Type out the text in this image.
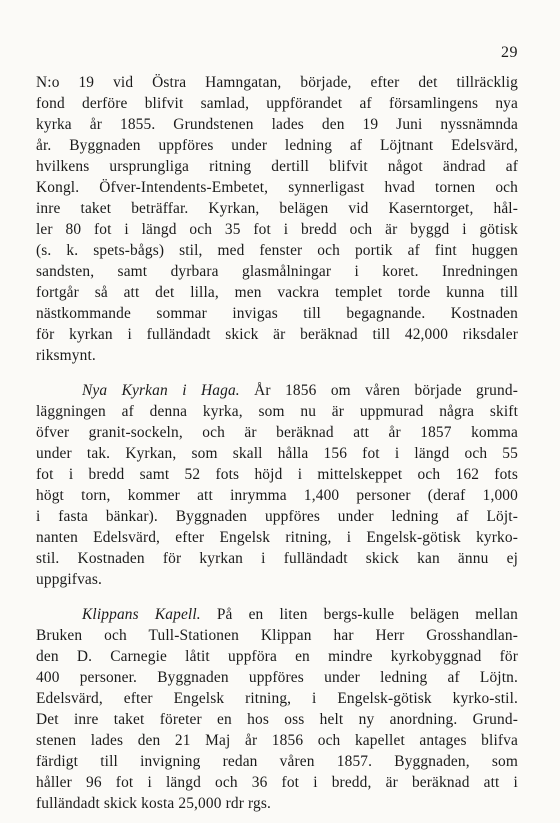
29
N:o 19 vid Östra Hamngatan, började, efter det tillräcklig
fond derföre blifvit samlad, uppförandet af församlingens nya
kyrka år 1855. Grundstenen lades den 19 Juni nyssnämnda
år. Byggnaden uppföres under ledning af Löjtnant Edelsvärd,
hvilkens ursprungliga ritning dertill blifvit något ändrad af
Kongl. Öfver-Intendents-Embetet, synnerligast hvad tornen och
inre taket beträffar. Kyrkan, belägen vid Kaserntorget, hål-
ler 80 fot i längd och 35 fot i bredd och är byggd i götisk
(s. k. spets-bågs) stil, med fenster och portik af fint huggen
sandsten, samt dyrbara glasmålningar i koret. Inredningen
fortgår så att det lilla, men vackra templet torde kunna till
nästkommande sommar invigas till begagnande. Kostnaden
för kyrkan i fulländadt skick är beräknad till 42,000 riksdaler
riksmynt.
Nya Kyrkan i Haga. År 1856 om våren började grund-
läggningen af denna kyrka, som nu är uppmurad några skift
öfver granit-sockeln, och är beräknad att år 1857 komma
under tak. Kyrkan, som skall hålla 156 fot i längd och 55
fot i bredd samt 52 fots höjd i mittelskeppet och 162 fots
högt torn, kommer att inrymma 1,400 personer (deraf 1,000
i fasta bänkar). Byggnaden uppföres under ledning af Löjt-
nanten Edelsvärd, efter Engelsk ritning, i Engelsk-götisk kyrko-
stil. Kostnaden för kyrkan i fulländadt skick kan ännu ej
uppgifvas.
Klippans Kapell. På en liten bergs-kulle belägen mellan
Bruken och Tull-Stationen Klippan har Herr Grosshandlan-
den D. Carnegie låtit uppföra en mindre kyrkobyggnad för
400 personer. Byggnaden uppföres under ledning af Löjtn.
Edelsvärd, efter Engelsk ritning, i Engelsk-götisk kyrko-stil.
Det inre taket företer en hos oss helt ny anordning. Grund-
stenen lades den 21 Maj år 1856 och kapellet antages blifva
färdigt till invigning redan våren 1857. Byggnaden, som
håller 96 fot i längd och 36 fot i bredd, är beräknad att i
fulländadt skick kosta 25,000 rdr rgs.
